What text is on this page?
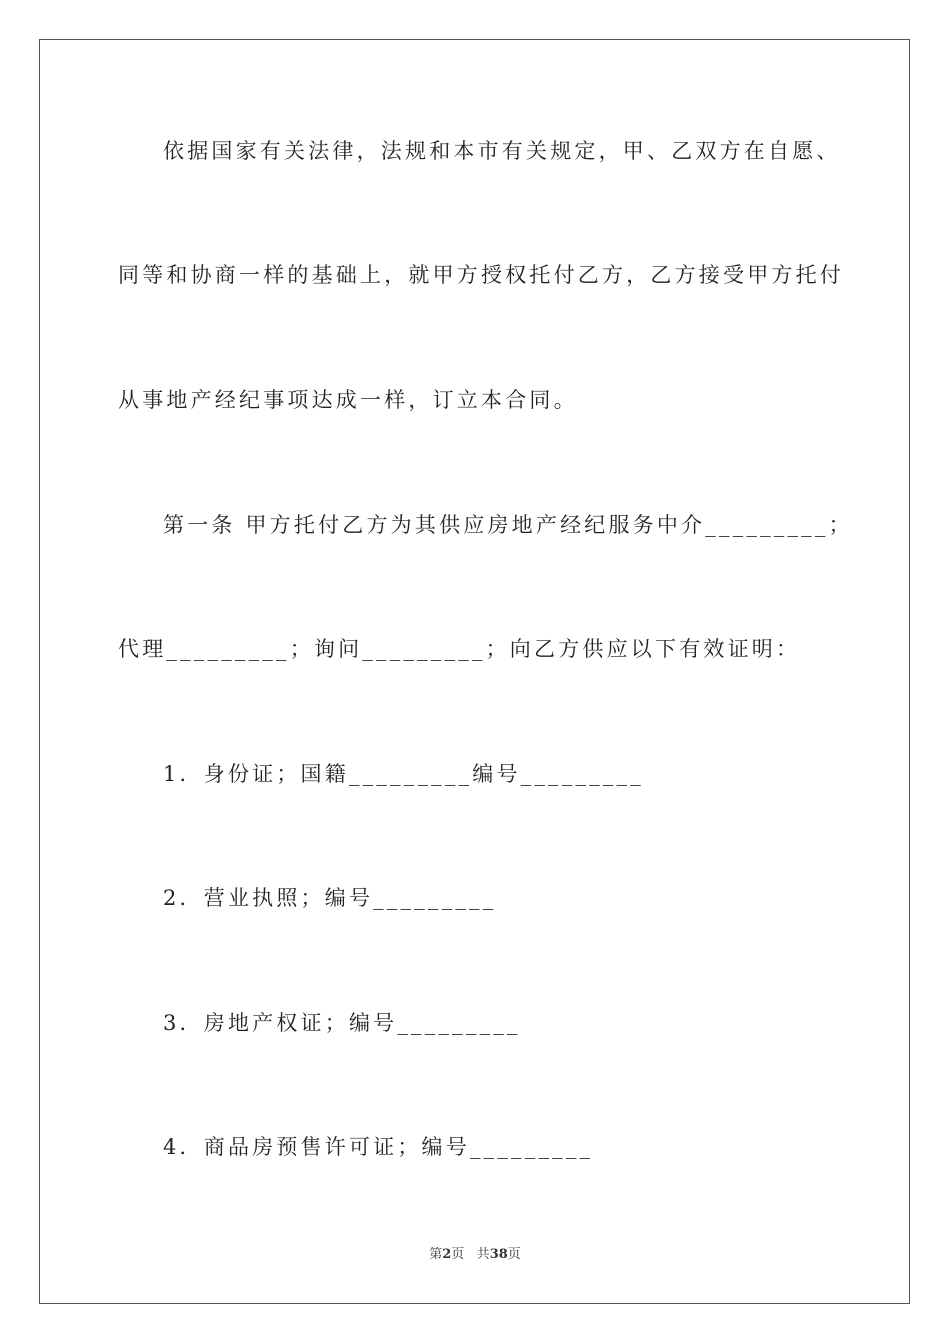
依据国家有关法律，法规和本市有关规定，甲、乙双方在自愿、
同等和协商一样的基础上，就甲方授权托付乙方，乙方接受甲方托付
从事地产经纪事项达成一样，订立本合同。
第一条 甲方托付乙方为其供应房地产经纪服务中介_________；
代理_________；询问_________；向乙方供应以下有效证明：
1．身份证；国籍_________编号_________
2．营业执照；编号_________
3．房地产权证；编号_________
4．商品房预售许可证；编号_________
第2页 共38页
